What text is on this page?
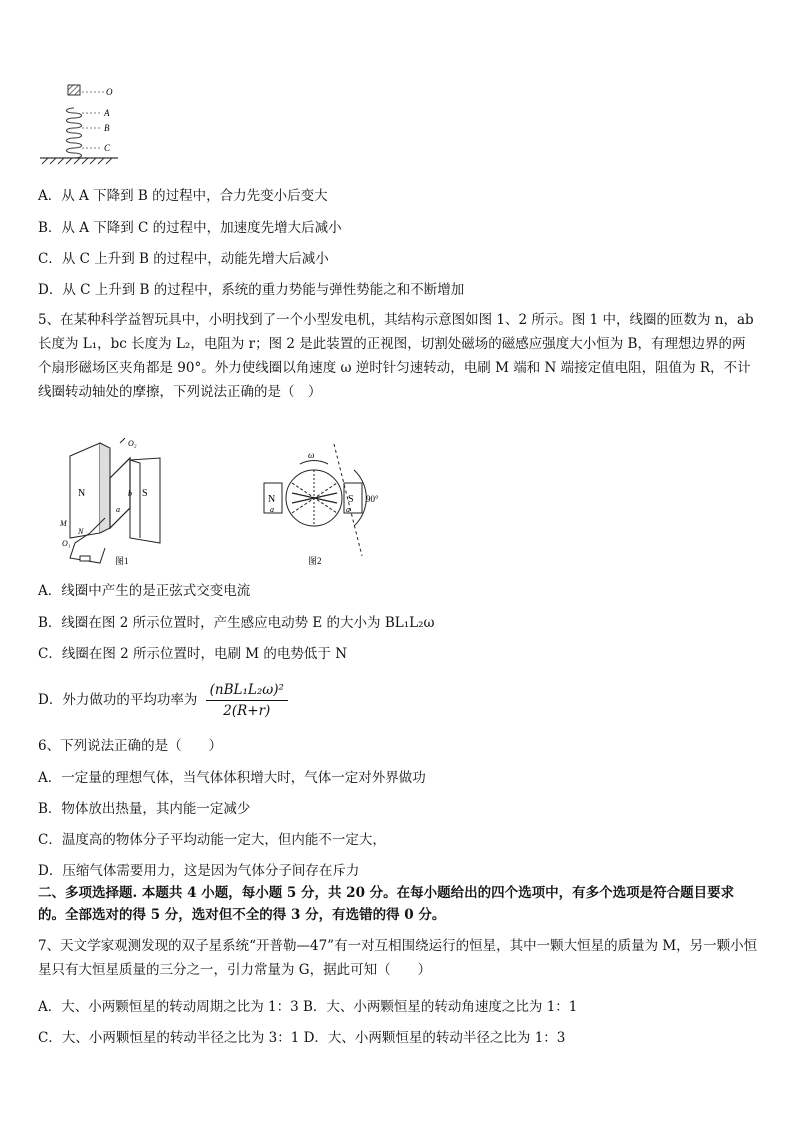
O
A
B
C
A．从 A 下降到 B 的过程中，合力先变小后变大
B．从 A 下降到 C 的过程中，加速度先增大后减小
C．从 C 上升到 B 的过程中，动能先增大后减小
D．从 C 上升到 B 的过程中，系统的重力势能与弹性势能之和不断增加
5、在某种科学益智玩具中，小明找到了一个小型发电机，其结构示意图如图 1、2 所示。图 1 中，线圈的匝数为 n，ab 长度为 L₁，bc 长度为 L₂，电阻为 r；图 2 是此装置的正视图，切割处磁场的磁感应强度大小恒为 B，有理想边界的两个扇形磁场区夹角都是 90°。外力使线圈以角速度 ω 逆时针匀速转动，电刷 M 端和 N 端接定值电阻，阻值为 R，不计线圈转动轴处的摩擦，下列说法正确的是（　）
N	S
O₂
b
a
M
N
O₁
图1
N	S
ω
90°
a	a
图2
A．线圈中产生的是正弦式交变电流
B．线圈在图 2 所示位置时，产生感应电动势 E 的大小为 BL₁L₂ω
C．线圈在图 2 所示位置时，电刷 M 的电势低于 N
D．外力做功的平均功率为 $\frac{\text{(nBL₁L₂ω)²}}{2(R+r)}$
6、下列说法正确的是（　　）
A．一定量的理想气体，当气体体积增大时，气体一定对外界做功
B．物体放出热量，其内能一定减少
C．温度高的物体分子平均动能一定大，但内能不一定大，
D．压缩气体需要用力，这是因为气体分子间存在斥力
二、多项选择题. 本题共 4 小题，每小题 5 分，共 20 分。在每小题给出的四个选项中，有多个选项是符合题目要求的。全部选对的得 5 分，选对但不全的得 3 分，有选错的得 0 分。
7、天文学家观测发现的双子星系统“开普勒—47”有一对互相围绕运行的恒星，其中一颗大恒星的质量为 M，另一颗小恒星只有大恒星质量的三分之一，引力常量为 G，据此可知（　　）
A．大、小两颗恒星的转动周期之比为 1：3 B．大、小两颗恒星的转动角速度之比为 1：1
C．大、小两颗恒星的转动半径之比为 3：1 D．大、小两颗恒星的转动半径之比为 1：3
